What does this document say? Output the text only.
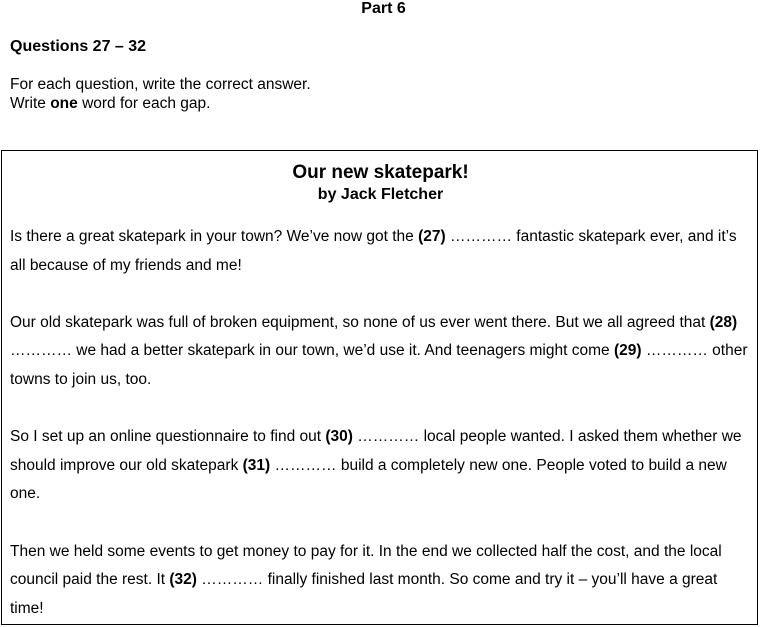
Part 6
Questions 27 – 32
For each question, write the correct answer.
Write one word for each gap.
Our new skatepark!
by Jack Fletcher

Is there a great skatepark in your town? We’ve now got the (27) ………… fantastic skatepark ever, and it’s all because of my friends and me!

Our old skatepark was full of broken equipment, so none of us ever went there. But we all agreed that (28) ………… we had a better skatepark in our town, we’d use it. And teenagers might come (29) ………… other towns to join us, too.

So I set up an online questionnaire to find out (30) ………… local people wanted. I asked them whether we should improve our old skatepark (31) ………… build a completely new one. People voted to build a new one.

Then we held some events to get money to pay for it. In the end we collected half the cost, and the local council paid the rest. It (32) ………… finally finished last month. So come and try it – you’ll have a great time!
